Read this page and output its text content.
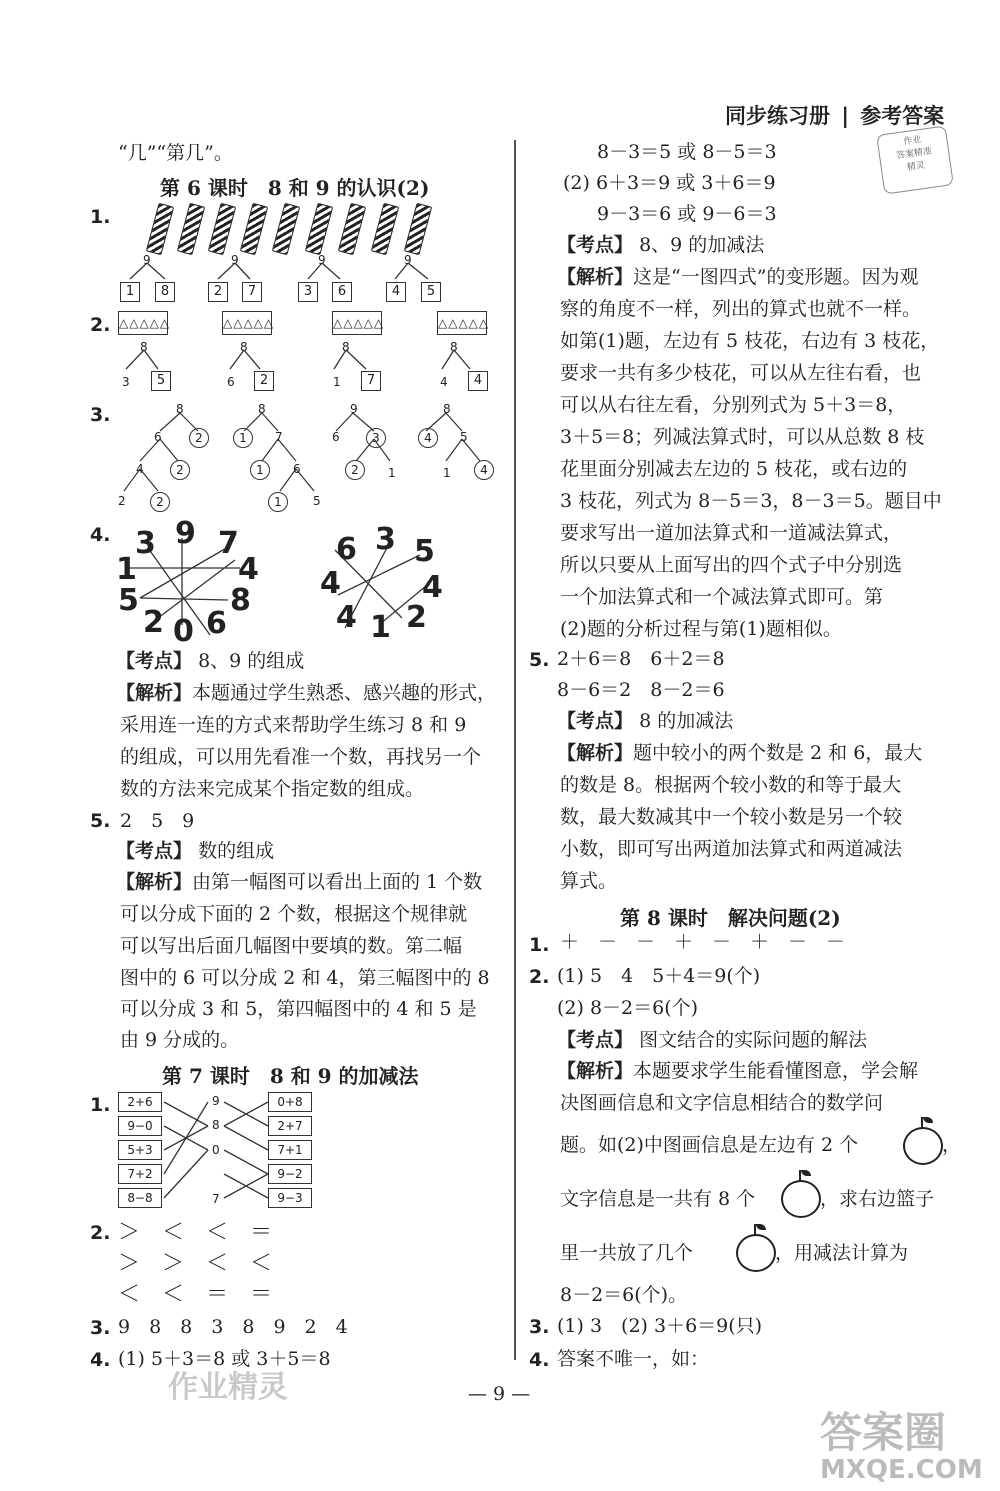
同步练习册 | 参考答案
作业
答案精准
精灵
“几”“第几”。
第 6 课时　8 和 9 的认识(2)
1.
9	9	9	9
1	8	2	7	3	6	4	5
2. △△△△△	△△△△△	△△△△△	△△△△△
8	8	8	8
3	5	6	2	1	7	4	4
3.	8
6	2
4	2
2	2
8
1	7
1	6
1	5
9
6	3
2	1
8
4	5
1	4
4. 3 9 7
4
1
5
2 0 6
8
6 3 5
4	4
1 2
4
【考点】 8、9 的组成
【解析】本题通过学生熟悉、感兴趣的形式，
采用连一连的方式来帮助学生练习 8 和 9
的组成，可以用先看准一个数，再找另一个
数的方法来完成某个指定数的组成。
5. 2　5　9
【考点】 数的组成
【解析】由第一幅图可以看出上面的 1 个数
可以分成下面的 2 个数，根据这个规律就
可以写出后面几幅图中要填的数。第二幅
图中的 6 可以分成 2 和 4，第三幅图中的 8
可以分成 3 和 5，第四幅图中的 4 和 5 是
由 9 分成的。
第 7 课时　8 和 9 的加减法
1.	2+6
9−0
5+3
7+2
8−8
9
8
0
7
0+8
2+7
7+1
9−2
9−3
2. ＞　＜　＜　＝
＞　＞　＜　＜
＜　＜　＝　＝
3. 9　8　8　3　8　9　2　4
4. (1) 5＋3＝8 或 3＋5＝8
8－3＝5 或 8－5＝3
(2) 6＋3＝9 或 3＋6＝9
9－3＝6 或 9－6＝3
【考点】 8、9 的加减法
【解析】这是“一图四式”的变形题。因为观
察的角度不一样，列出的算式也就不一样。
如第(1)题，左边有 5 枝花，右边有 3 枝花，
要求一共有多少枝花，可以从左往右看，也
可以从右往左看，分别列式为 5＋3＝8，
3＋5＝8；列减法算式时，可以从总数 8 枝
花里面分别减去左边的 5 枝花，或右边的
3 枝花，列式为 8－5＝3，8－3＝5。题目中
要求写出一道加法算式和一道减法算式，
所以只要从上面写出的四个式子中分别选
一个加法算式和一个减法算式即可。第
(2)题的分析过程与第(1)题相似。
5. 2＋6＝8　6＋2＝8
8－6＝2　8－2＝6
【考点】 8 的加减法
【解析】题中较小的两个数是 2 和 6，最大
的数是 8。根据两个较小数的和等于最大
数，最大数减其中一个较小数是另一个较
小数，即可写出两道加法算式和两道减法
算式。
第 8 课时　解决问题(2)
1. ＋　－　－　＋　－　＋　－　－
2. (1) 5　4　5＋4＝9(个)
(2) 8－2＝6(个)
【考点】 图文结合的实际问题的解法
【解析】本题要求学生能看懂图意，学会解
决图画信息和文字信息相结合的数学问
题。如(2)中图画信息是左边有 2 个	，
文字信息是一共有 8 个	，求右边篮子
里一共放了几个	，用减法计算为
8－2＝6(个)。
3. (1) 3　(2) 3＋6＝9(只)
4. 答案不唯一，如：
— 9 —
作业精灵
答案圈
MXQE.COM
